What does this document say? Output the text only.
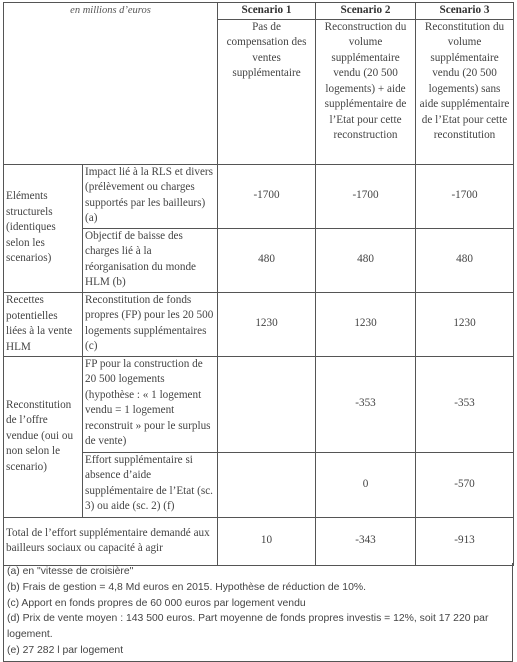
en millions d’euros		Scenario 1	Scenario 2	Scenario 3
		Pas de compensation des ventes supplémentaire	Reconstruction du volume supplémentaire vendu (20 500 logements) + aide supplémentaire de l’Etat pour cette reconstruction	Reconstitution du volume supplémentaire vendu (20 500 logements) sans aide supplémentaire de l’Etat pour cette reconstitution
Eléments structurels (identiques selon les scenarios)	Impact lié à la RLS et divers (prélèvement ou charges supportés par les bailleurs) (a)	-1700	-1700	-1700
	Objectif de baisse des charges lié à la réorganisation du monde HLM (b)	480	480	480
Recettes potentielles liées à la vente HLM	Reconstitution de fonds propres (FP) pour les 20 500 logements supplémentaires (c)	1230	1230	1230
Reconstitution de l’offre vendue (oui ou non selon le scenario)	FP pour la construction de 20 500 logements (hypothèse : « 1 logement vendu = 1 logement reconstruit » pour le surplus de vente)		-353	-353
	Effort supplémentaire si absence d’aide supplémentaire de l’Etat (sc. 3) ou aide (sc. 2) (f)		0	-570
Total de l’effort supplémentaire demandé aux bailleurs sociaux ou capacité à agir		10	-343	-913
(a) en "vitesse de croisière"
(b) Frais de gestion = 4,8 Md euros en 2015. Hypothèse de réduction de 10%.
(c) Apport en fonds propres de 60 000 euros par logement vendu
(d) Prix de vente moyen : 143 500 euros. Part moyenne de fonds propres investis = 12%, soit 17 220 par logement.
(e) 27 282 l par logement
